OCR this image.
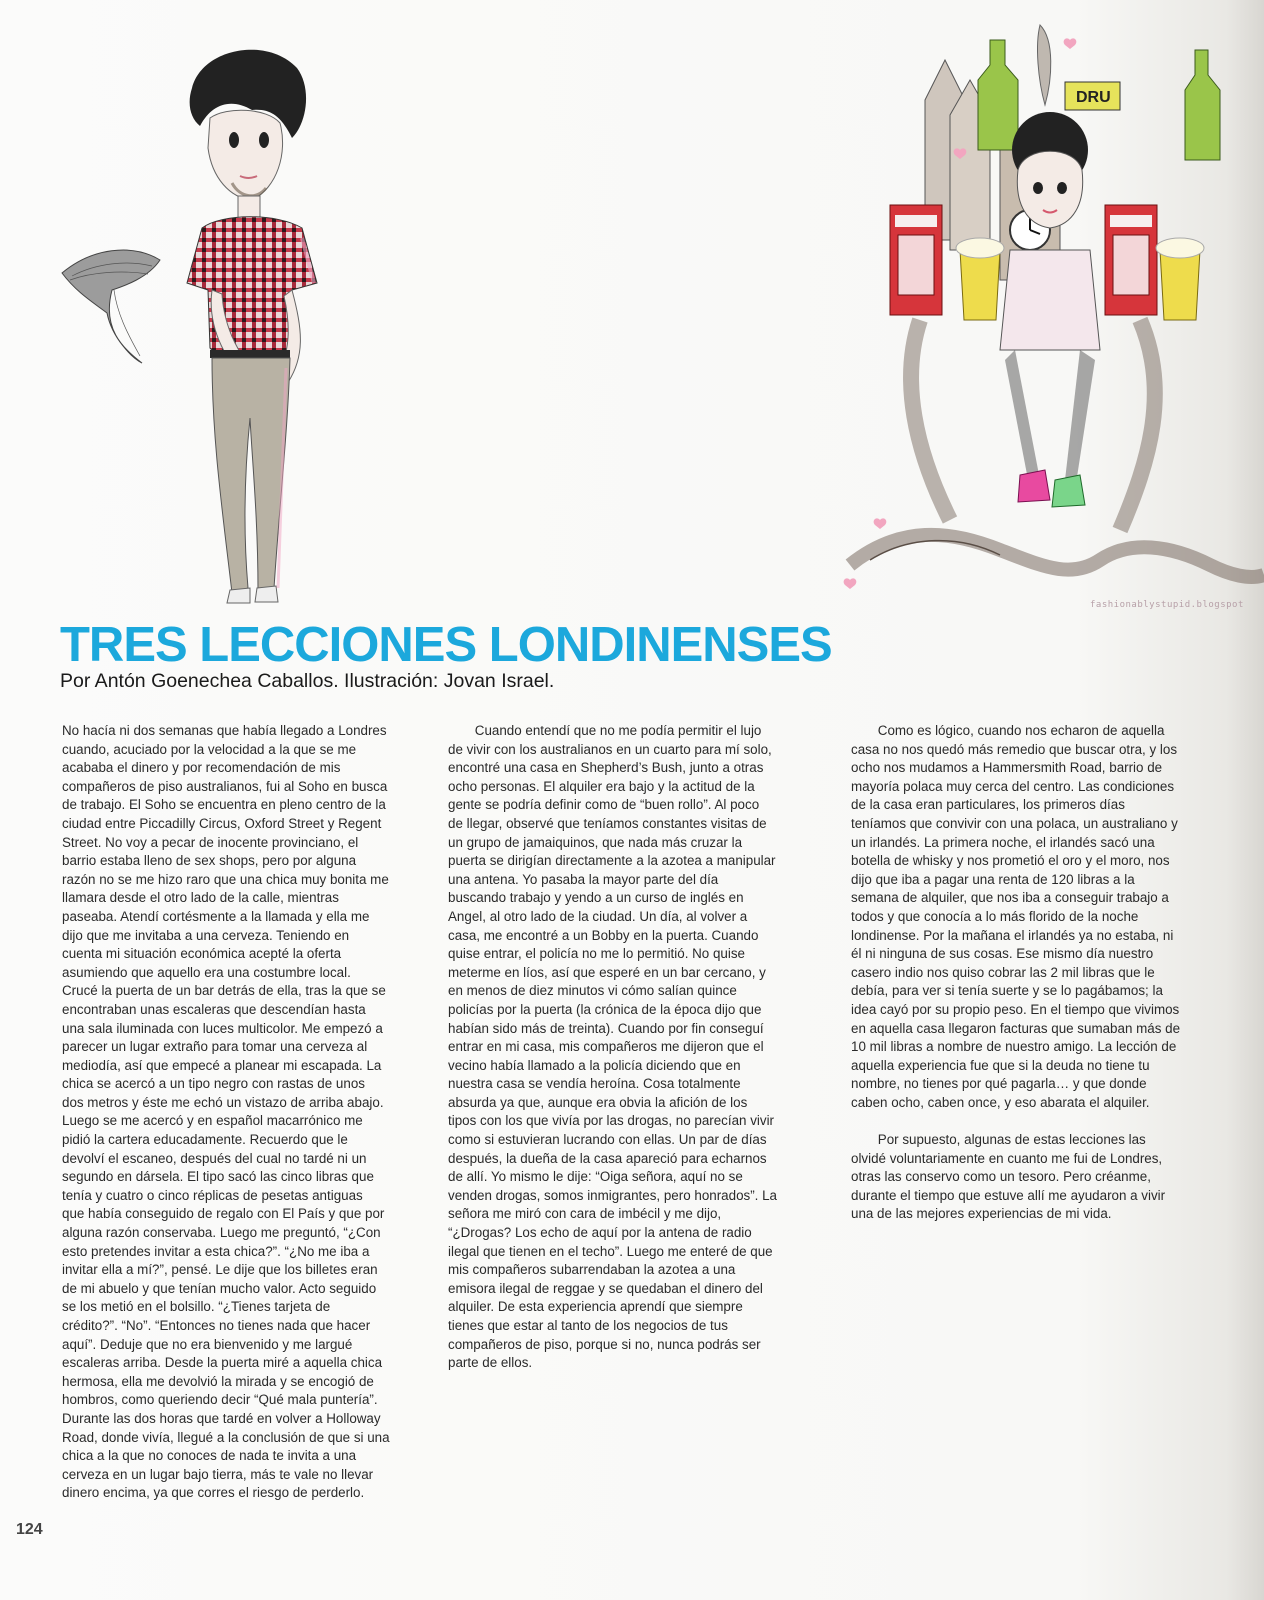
DRU
fashionablystupid.blogspot
TRES LECCIONES LONDINENSES

Por Antón Goenechea Caballos. Ilustración: Jovan Israel.

No hacía ni dos semanas que había llegado a Londres
cuando, acuciado por la velocidad a la que se me
acababa el dinero y por recomendación de mis
compañeros de piso australianos, fui al Soho en busca
de trabajo. El Soho se encuentra en pleno centro de la
ciudad entre Piccadilly Circus, Oxford Street y Regent
Street. No voy a pecar de inocente provinciano, el
barrio estaba lleno de sex shops, pero por alguna
razón no se me hizo raro que una chica muy bonita me
llamara desde el otro lado de la calle, mientras
paseaba. Atendí cortésmente a la llamada y ella me
dijo que me invitaba a una cerveza. Teniendo en
cuenta mi situación económica acepté la oferta
asumiendo que aquello era una costumbre local.
Crucé la puerta de un bar detrás de ella, tras la que se
encontraban unas escaleras que descendían hasta
una sala iluminada con luces multicolor. Me empezó a
parecer un lugar extraño para tomar una cerveza al
mediodía, así que empecé a planear mi escapada. La
chica se acercó a un tipo negro con rastas de unos
dos metros y éste me echó un vistazo de arriba abajo.
Luego se me acercó y en español macarrónico me
pidió la cartera educadamente. Recuerdo que le
devolví el escaneo, después del cual no tardé ni un
segundo en dársela. El tipo sacó las cinco libras que
tenía y cuatro o cinco réplicas de pesetas antiguas
que había conseguido de regalo con El País y que por
alguna razón conservaba. Luego me preguntó, “¿Con
esto pretendes invitar a esta chica?”. “¿No me iba a
invitar ella a mí?”, pensé. Le dije que los billetes eran
de mi abuelo y que tenían mucho valor. Acto seguido
se los metió en el bolsillo. “¿Tienes tarjeta de
crédito?”. “No”. “Entonces no tienes nada que hacer
aquí”. Deduje que no era bienvenido y me largué
escaleras arriba. Desde la puerta miré a aquella chica
hermosa, ella me devolvió la mirada y se encogió de
hombros, como queriendo decir “Qué mala puntería”.
Durante las dos horas que tardé en volver a Holloway
Road, donde vivía, llegué a la conclusión de que si una
chica a la que no conoces de nada te invita a una
cerveza en un lugar bajo tierra, más te vale no llevar
dinero encima, ya que corres el riesgo de perderlo.

  Cuando entendí que no me podía permitir el lujo
de vivir con los australianos en un cuarto para mí solo,
encontré una casa en Shepherd’s Bush, junto a otras
ocho personas. El alquiler era bajo y la actitud de la
gente se podría definir como de “buen rollo”. Al poco
de llegar, observé que teníamos constantes visitas de
un grupo de jamaiquinos, que nada más cruzar la
puerta se dirigían directamente a la azotea a manipular
una antena. Yo pasaba la mayor parte del día
buscando trabajo y yendo a un curso de inglés en
Angel, al otro lado de la ciudad. Un día, al volver a
casa, me encontré a un Bobby en la puerta. Cuando
quise entrar, el policía no me lo permitió. No quise
meterme en líos, así que esperé en un bar cercano, y
en menos de diez minutos vi cómo salían quince
policías por la puerta (la crónica de la época dijo que
habían sido más de treinta). Cuando por fin conseguí
entrar en mi casa, mis compañeros me dijeron que el
vecino había llamado a la policía diciendo que en
nuestra casa se vendía heroína. Cosa totalmente
absurda ya que, aunque era obvia la afición de los
tipos con los que vivía por las drogas, no parecían vivir
como si estuvieran lucrando con ellas. Un par de días
después, la dueña de la casa apareció para echarnos
de allí. Yo mismo le dije: “Oiga señora, aquí no se
venden drogas, somos inmigrantes, pero honrados”. La
señora me miró con cara de imbécil y me dijo,
“¿Drogas? Los echo de aquí por la antena de radio
ilegal que tienen en el techo”. Luego me enteré de que
mis compañeros subarrendaban la azotea a una
emisora ilegal de reggae y se quedaban el dinero del
alquiler. De esta experiencia aprendí que siempre
tienes que estar al tanto de los negocios de tus
compañeros de piso, porque si no, nunca podrás ser
parte de ellos.

  Como es lógico, cuando nos echaron de aquella
casa no nos quedó más remedio que buscar otra, y los
ocho nos mudamos a Hammersmith Road, barrio de
mayoría polaca muy cerca del centro. Las condiciones
de la casa eran particulares, los primeros días
teníamos que convivir con una polaca, un australiano y
un irlandés. La primera noche, el irlandés sacó una
botella de whisky y nos prometió el oro y el moro, nos
dijo que iba a pagar una renta de 120 libras a la
semana de alquiler, que nos iba a conseguir trabajo a
todos y que conocía a lo más florido de la noche
londinense. Por la mañana el irlandés ya no estaba, ni
él ni ninguna de sus cosas. Ese mismo día nuestro
casero indio nos quiso cobrar las 2 mil libras que le
debía, para ver si tenía suerte y se lo pagábamos; la
idea cayó por su propio peso. En el tiempo que vivimos
en aquella casa llegaron facturas que sumaban más de
10 mil libras a nombre de nuestro amigo. La lección de
aquella experiencia fue que si la deuda no tiene tu
nombre, no tienes por qué pagarla… y que donde
caben ocho, caben once, y eso abarata el alquiler.

  Por supuesto, algunas de estas lecciones las
olvidé voluntariamente en cuanto me fui de Londres,
otras las conservo como un tesoro. Pero créanme,
durante el tiempo que estuve allí me ayudaron a vivir
una de las mejores experiencias de mi vida.

124
